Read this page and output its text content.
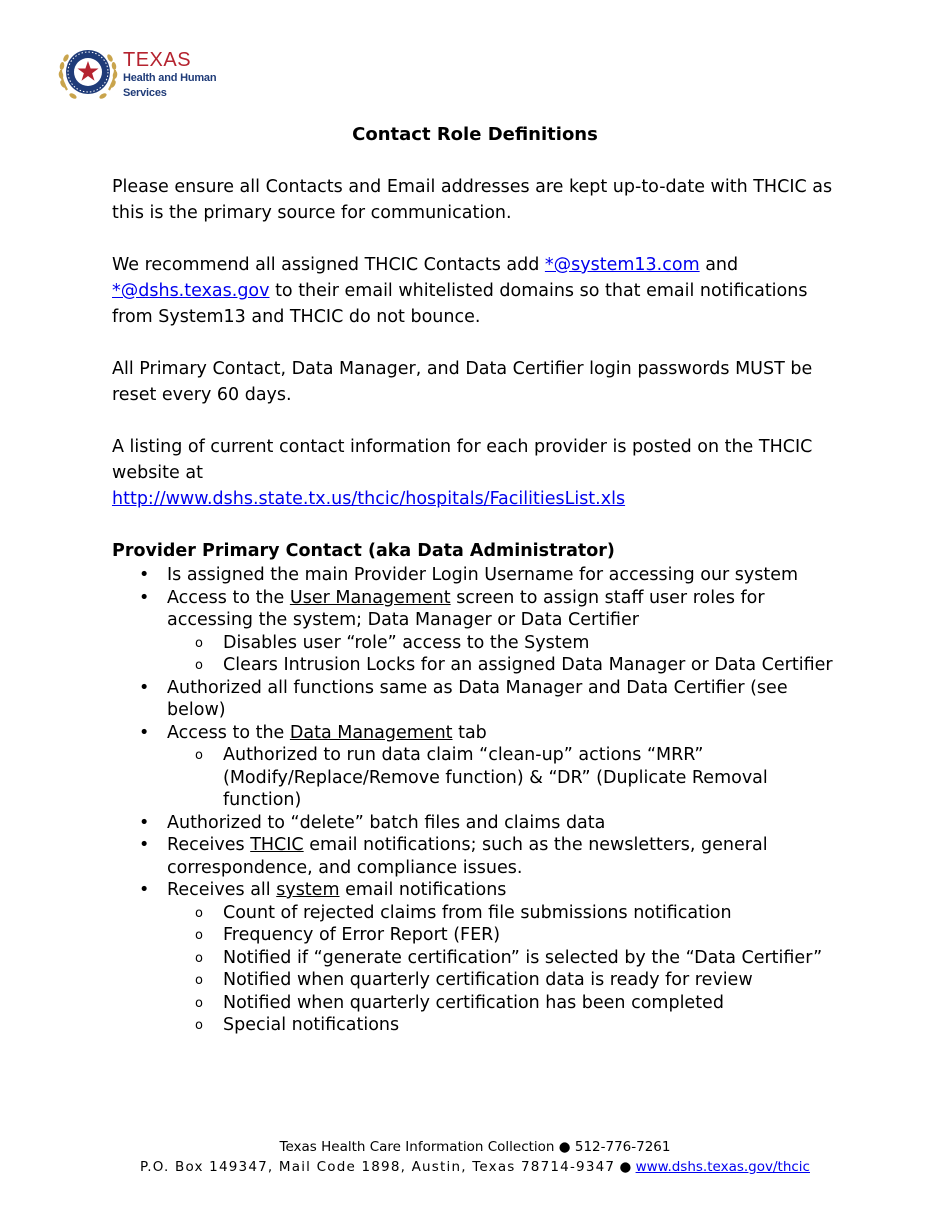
TEXAS
Health and Human
Services
Contact Role Definitions

Please ensure all Contacts and Email addresses are kept up-to-date with THCIC as this is the primary source for communication.

We recommend all assigned THCIC Contacts add *@system13.com and
*@dshs.texas.gov to their email whitelisted domains so that email notifications from System13 and THCIC do not bounce.

All Primary Contact, Data Manager, and Data Certifier login passwords MUST be reset every 60 days.

A listing of current contact information for each provider is posted on the THCIC website at
http://www.dshs.state.tx.us/thcic/hospitals/FacilitiesList.xls

Provider Primary Contact (aka Data Administrator)
• Is assigned the main Provider Login Username for accessing our system
• Access to the User Management screen to assign staff user roles for accessing the system; Data Manager or Data Certifier
o Disables user “role” access to the System
o Clears Intrusion Locks for an assigned Data Manager or Data Certifier
• Authorized all functions same as Data Manager and Data Certifier (see below)
• Access to the Data Management tab
o Authorized to run data claim “clean-up” actions “MRR” (Modify/Replace/Remove function) & “DR” (Duplicate Removal function)
• Authorized to “delete” batch files and claims data
• Receives THCIC email notifications; such as the newsletters, general correspondence, and compliance issues.
• Receives all system email notifications
o Count of rejected claims from file submissions notification
o Frequency of Error Report (FER)
o Notified if “generate certification” is selected by the “Data Certifier”
o Notified when quarterly certification data is ready for review
o Notified when quarterly certification has been completed
o Special notifications
Texas Health Care Information Collection ● 512-776-7261
P.O. Box 149347, Mail Code 1898, Austin, Texas 78714-9347 ● www.dshs.texas.gov/thcic
